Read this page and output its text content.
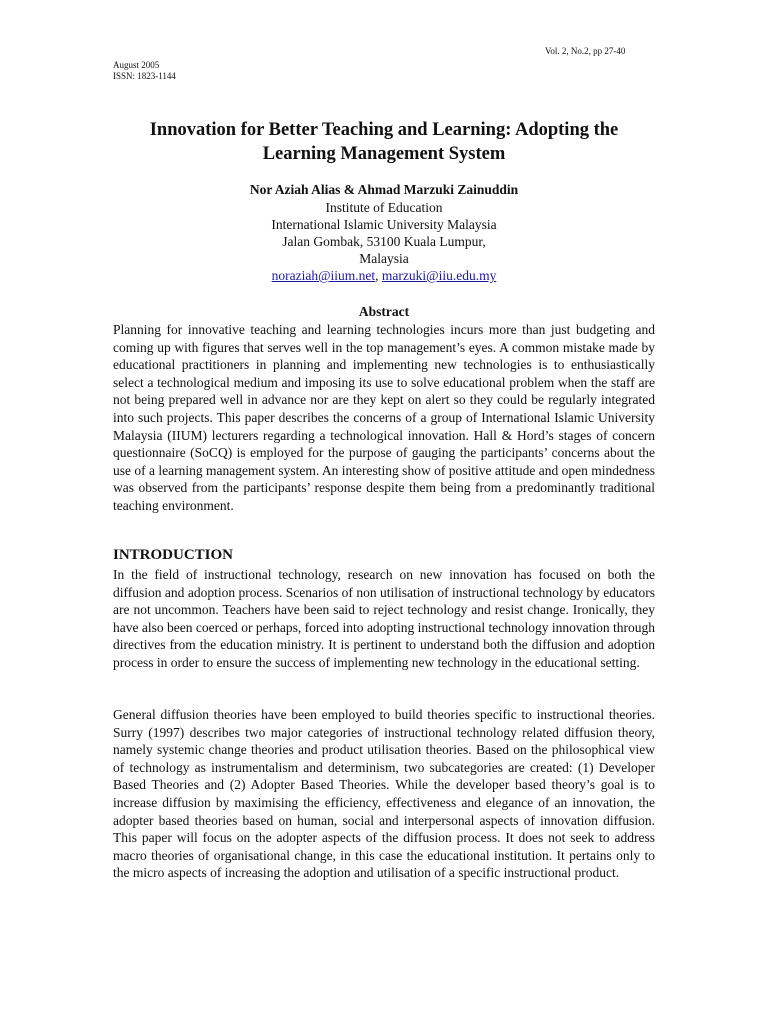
Vol. 2, No.2, pp 27-40
August 2005
ISSN: 1823-1144
Innovation for Better Teaching and Learning: Adopting the
Learning Management System
Nor Aziah Alias & Ahmad Marzuki Zainuddin
Institute of Education
International Islamic University Malaysia
Jalan Gombak, 53100 Kuala Lumpur,
Malaysia
noraziah@iium.net, marzuki@iiu.edu.my
Abstract

Planning for innovative teaching and learning technologies incurs more than just budgeting and coming up with figures that serves well in the top management’s eyes. A common mistake made by educational practitioners in planning and implementing new technologies is to enthusiastically select a technological medium and imposing its use to solve educational problem when the staff are not being prepared well in advance nor are they kept on alert so they could be regularly integrated into such projects. This paper describes the concerns of a group of International Islamic University Malaysia (IIUM) lecturers regarding a technological innovation. Hall & Hord’s stages of concern questionnaire (SoCQ) is employed for the purpose of gauging the participants’ concerns about the use of a learning management system. An interesting show of positive attitude and open mindedness was observed from the participants’ response despite them being from a predominantly traditional teaching environment.

INTRODUCTION

In the field of instructional technology, research on new innovation has focused on both the diffusion and adoption process. Scenarios of non utilisation of instructional technology by educators are not uncommon. Teachers have been said to reject technology and resist change. Ironically, they have also been coerced or perhaps, forced into adopting instructional technology innovation through directives from the education ministry. It is pertinent to understand both the diffusion and adoption process in order to ensure the success of implementing new technology in the educational setting.

General diffusion theories have been employed to build theories specific to instructional theories. Surry (1997) describes two major categories of instructional technology related diffusion theory, namely systemic change theories and product utilisation theories. Based on the philosophical view of technology as instrumentalism and determinism, two subcategories are created: (1) Developer Based Theories and (2) Adopter Based Theories. While the developer based theory’s goal is to increase diffusion by maximising the efficiency, effectiveness and elegance of an innovation, the adopter based theories based on human, social and interpersonal aspects of innovation diffusion. This paper will focus on the adopter aspects of the diffusion process. It does not seek to address macro theories of organisational change, in this case the educational institution. It pertains only to the micro aspects of increasing the adoption and utilisation of a specific instructional product.
